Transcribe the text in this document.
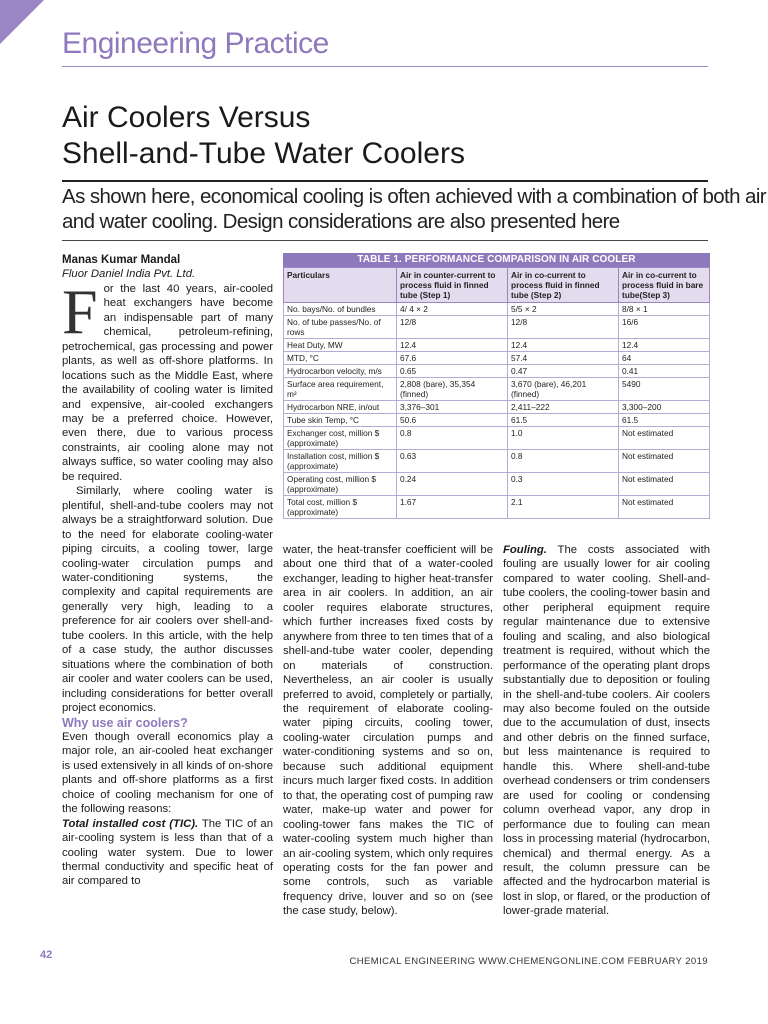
Engineering Practice
Air Coolers Versus
Shell-and-Tube Water Coolers
As shown here, economical cooling is often achieved with a combination of both air
and water cooling. Design considerations are also presented here

Manas Kumar Mandal

Fluor Daniel India Pvt. Ltd.

For the last 40 years, air-cooled heat exchangers have become an indispensable part of many chemical, petroleum-refining, petrochemical, gas processing and power plants, as well as off-shore platforms. In locations such as the Middle East, where the availability of cooling water is limited and expensive, air-cooled exchangers may be a preferred choice. However, even there, due to various process constraints, air cooling alone may not always suffice, so water cooling may also be required.

Similarly, where cooling water is plentiful, shell-and-tube coolers may not always be a straightforward solution. Due to the need for elaborate cooling-water piping circuits, a cooling tower, large cooling-water circulation pumps and water-conditioning systems, the complexity and capital requirements are generally very high, leading to a preference for air coolers over shell-and-tube coolers. In this article, with the help of a case study, the author discusses situations where the combination of both air cooler and water coolers can be used, including considerations for better overall project economics.

Why use air coolers?

Even though overall economics play a major role, an air-cooled heat exchanger is used extensively in all kinds of on-shore plants and off-shore platforms as a first choice of cooling mechanism for one of the following reasons:

Total installed cost (TIC). The TIC of an air-cooling system is less than that of a cooling water system. Due to lower thermal conductivity and specific heat of air compared to

TABLE 1. PERFORMANCE COMPARISON IN AIR COOLER
Particulars	Air in counter-current to process fluid in finned tube (Step 1)	Air in co-current to process fluid in finned tube (Step 2)	Air in co-current to process fluid in bare tube(Step 3)
No. bays/No. of bundles	4/ 4 × 2	5/5 × 2	8/8 × 1
No. of tube passes/No. of rows	12/8	12/8	16/6
Heat Duty, MW	12.4	12.4	12.4
MTD, °C	67.6	57.4	64
Hydrocarbon velocity, m/s	0.65	0.47	0.41
Surface area requirement, m²	2,808 (bare), 35,354 (finned)	3,670 (bare), 46,201 (finned)	5490
Hydrocarbon NRE, in/out	3,376–301	2,411–222	3,300–200
Tube skin Temp, °C	50.6	61.5	61.5
Exchanger cost, million $ (approximate)	0.8	1.0	Not estimated
Installation cost, million $ (approximate)	0.63	0.8	Not estimated
Operating cost, million $ (approximate)	0.24	0.3	Not estimated
Total cost, million $ (approximate)	1.67	2.1	Not estimated

water, the heat-transfer coefficient will be about one third that of a water-cooled exchanger, leading to higher heat-transfer area in air coolers. In addition, an air cooler requires elaborate structures, which further increases fixed costs by anywhere from three to ten times that of a shell-and-tube water cooler, depending on materials of construction. Nevertheless, an air cooler is usually preferred to avoid, completely or partially, the requirement of elaborate cooling-water piping circuits, cooling tower, cooling-water circulation pumps and water-conditioning systems and so on, because such additional equipment incurs much larger fixed costs. In addition to that, the operating cost of pumping raw water, make-up water and power for cooling-tower fans makes the TIC of water-cooling system much higher than an air-cooling system, which only requires operating costs for the fan power and some controls, such as variable frequency drive, louver and so on (see the case study, below).

Fouling. The costs associated with fouling are usually lower for air cooling compared to water cooling. Shell-and-tube coolers, the cooling-tower basin and other peripheral equipment require regular maintenance due to extensive fouling and scaling, and also biological treatment is required, without which the performance of the operating plant drops substantially due to deposition or fouling in the shell-and-tube coolers. Air coolers may also become fouled on the outside due to the accumulation of dust, insects and other debris on the finned surface, but less maintenance is required to handle this. Where shell-and-tube overhead condensers or trim condensers are used for cooling or condensing column overhead vapor, any drop in performance due to fouling can mean loss in processing material (hydrocarbon, chemical) and thermal energy. As a result, the column pressure can be affected and the hydrocarbon material is lost in slop, or flared, or the production of lower-grade material.

42
CHEMICAL ENGINEERING WWW.CHEMENGONLINE.COM FEBRUARY 2019
